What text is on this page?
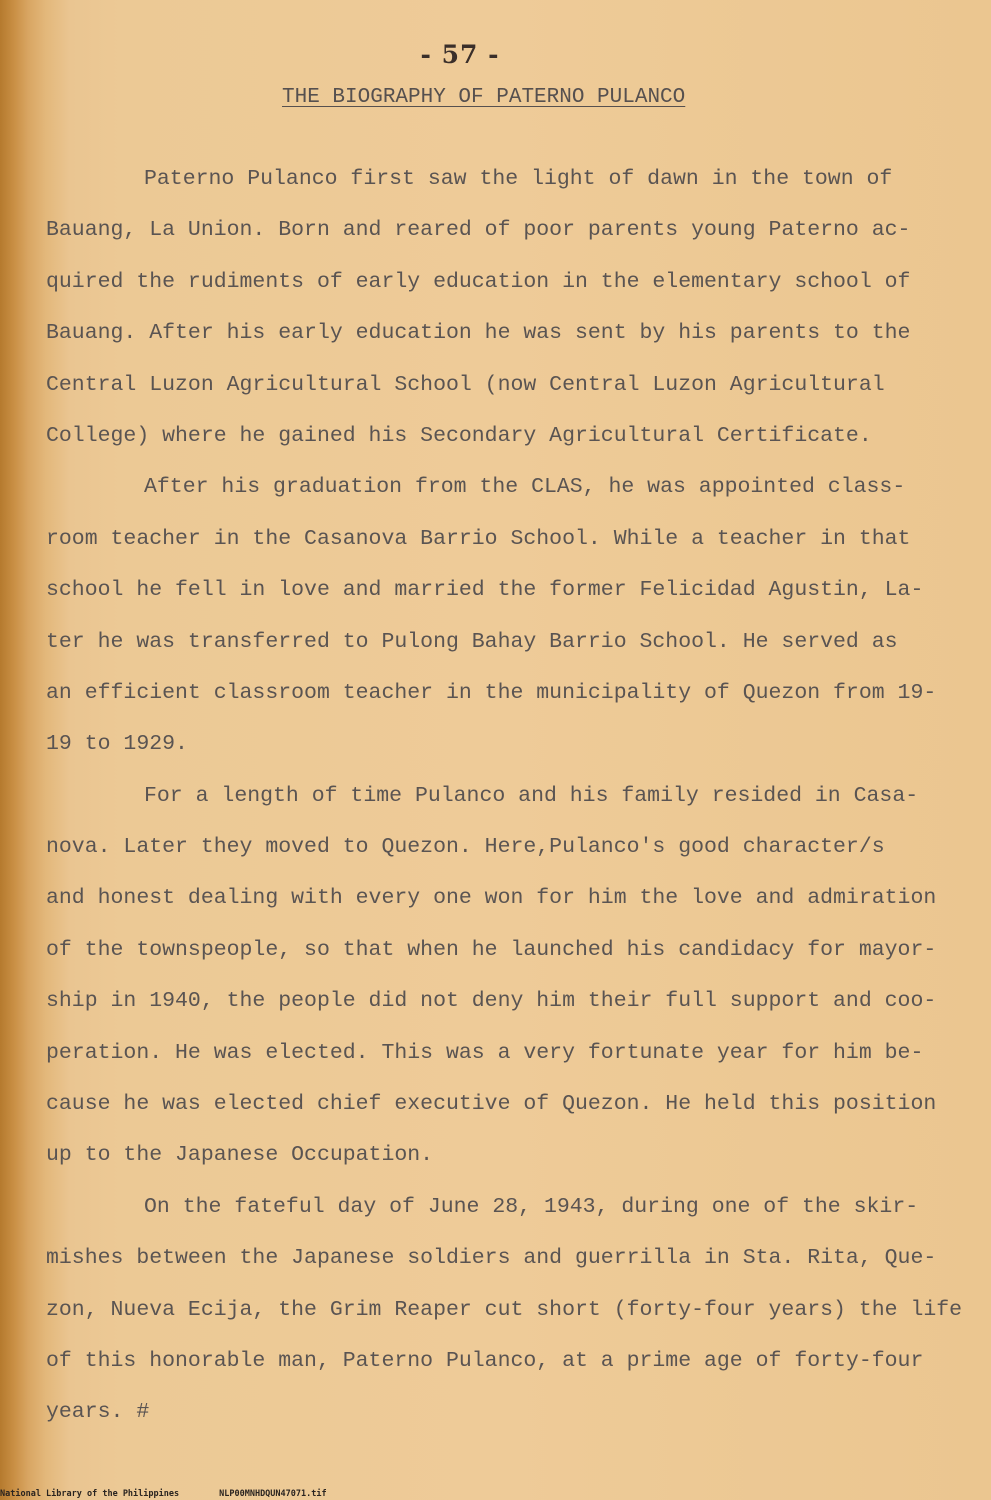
- 57 -
THE BIOGRAPHY OF PATERNO PULANCO
Paterno Pulanco first saw the light of dawn in the town of
Bauang, La Union. Born and reared of poor parents young Paterno ac-
quired the rudiments of early education in the elementary school of
Bauang. After his early education he was sent by his parents to the
Central Luzon Agricultural School (now Central Luzon Agricultural
College) where he gained his Secondary Agricultural Certificate.
After his graduation from the CLAS, he was appointed class-
room teacher in the Casanova Barrio School. While a teacher in that
school he fell in love and married the former Felicidad Agustin, La-
ter he was transferred to Pulong Bahay Barrio School. He served as
an efficient classroom teacher in the municipality of Quezon from 19-
19 to 1929.
For a length of time Pulanco and his family resided in Casa-
nova. Later they moved to Quezon. Here,Pulanco's good character/s
and honest dealing with every one won for him the love and admiration
of the townspeople, so that when he launched his candidacy for mayor-
ship in 1940, the people did not deny him their full support and coo-
peration. He was elected. This was a very fortunate year for him be-
cause he was elected chief executive of Quezon. He held this position
up to the Japanese Occupation.
On the fateful day of June 28, 1943, during one of the skir-
mishes between the Japanese soldiers and guerrilla in Sta. Rita, Que-
zon, Nueva Ecija, the Grim Reaper cut short (forty-four years) the life
of this honorable man, Paterno Pulanco, at a prime age of forty-four
years. #
National Library of the Philippines	NLP00MNHDQUN47071.tif
